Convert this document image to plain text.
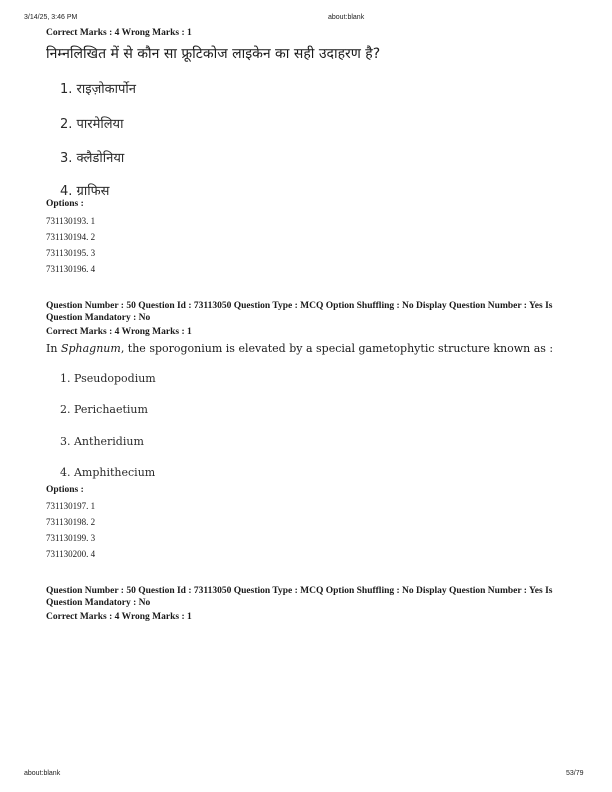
3/14/25, 3:46 PM	about:blank
Correct Marks : 4 Wrong Marks : 1
निम्नलिखित में से कौन सा फ्रूटिकोज लाइकेन का सही उदाहरण है?
1. राइज़ोकार्पोन
2. पारमेलिया
3. क्लैडोनिया
4. ग्राफिस
Options :
731130193. 1
731130194. 2
731130195. 3
731130196. 4
Question Number : 50 Question Id : 73113050 Question Type : MCQ Option Shuffling : No Display Question Number : Yes Is Question Mandatory : No
Correct Marks : 4 Wrong Marks : 1
In Sphagnum, the sporogonium is elevated by a special gametophytic structure known as :
1. Pseudopodium
2. Perichaetium
3. Antheridium
4. Amphithecium
Options :
731130197. 1
731130198. 2
731130199. 3
731130200. 4
Question Number : 50 Question Id : 73113050 Question Type : MCQ Option Shuffling : No Display Question Number : Yes Is Question Mandatory : No
Correct Marks : 4 Wrong Marks : 1
about:blank	53/79
